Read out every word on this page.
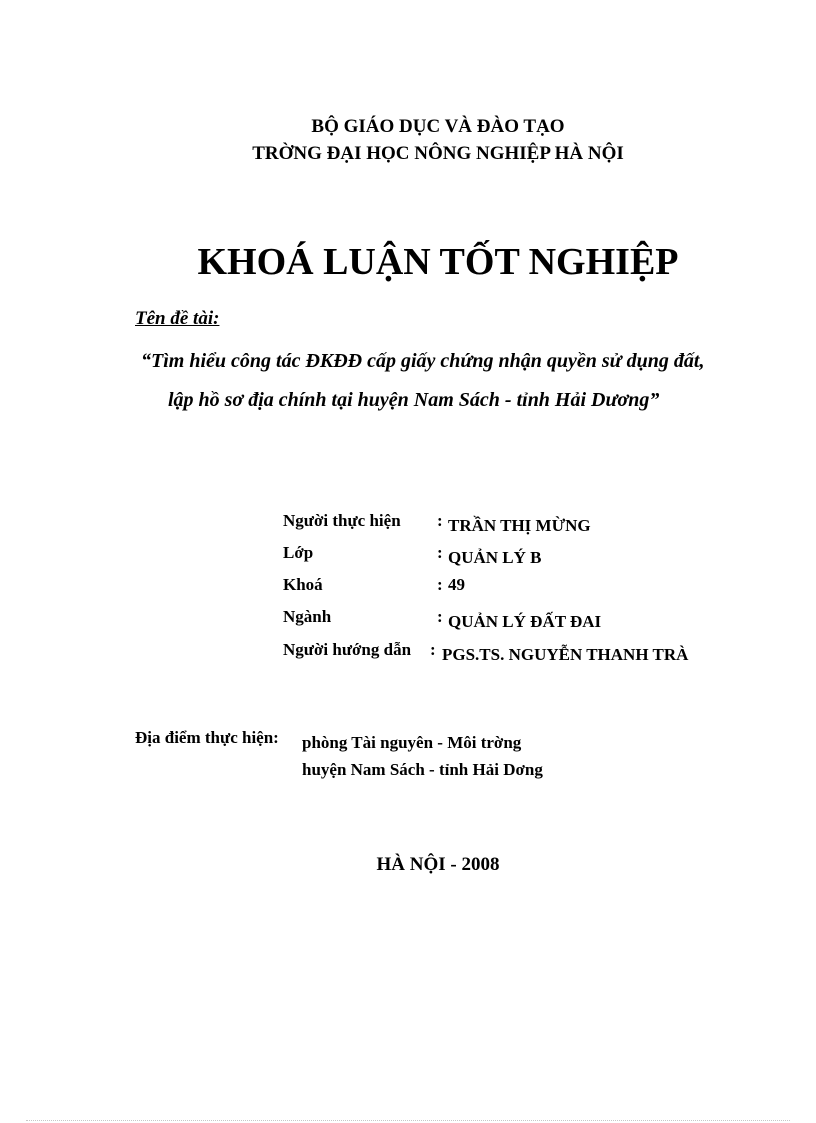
BỘ GIÁO DỤC VÀ ĐÀO TẠO
TRỜNG ĐẠI HỌC NÔNG NGHIỆP HÀ NỘI
KHOÁ LUẬN TỐT NGHIỆP
Tên đề tài:
“Tìm hiểu công tác ĐKĐĐ cấp giấy chứng nhận quyền sử dụng đất,
lập hồ sơ địa chính tại huyện Nam Sách - tỉnh Hải Dương”
Người thực hiện : TRẦN THỊ MỪNG
Lớp	: QUẢN LÝ B
Khoá	: 49
Ngành	: QUẢN LÝ ĐẤT ĐAI
Người hướng dẫn : PGS.TS. NGUYỄN THANH TRÀ
Địa điểm thực hiện: phòng Tài nguyên - Môi trờng
huyện Nam Sách - tỉnh Hải Dơng
HÀ NỘI - 2008
